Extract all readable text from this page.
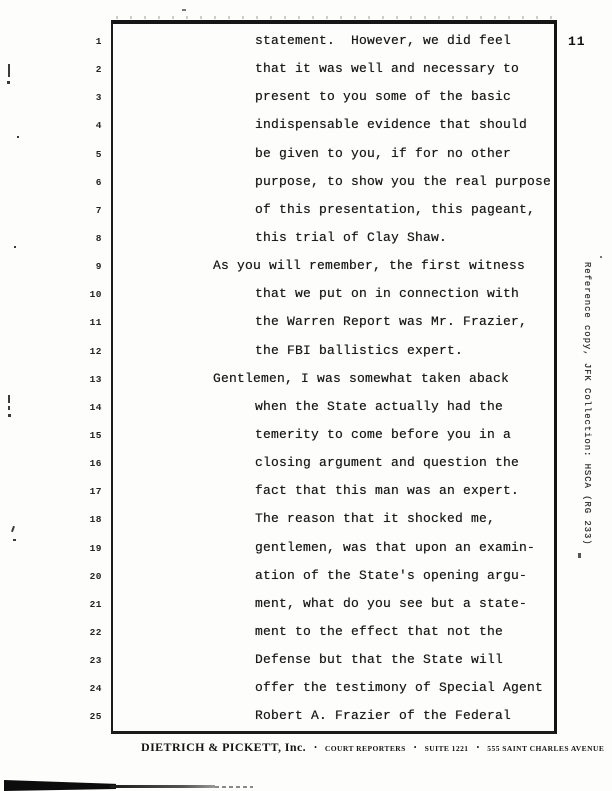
1	statement.  However, we did feel
2	that it was well and necessary to
3	present to you some of the basic
4	indispensable evidence that should
5	be given to you, if for no other
6	purpose, to show you the real purpose
7	of this presentation, this pageant,
8	this trial of Clay Shaw.
9	As you will remember, the first witness
10	that we put on in connection with
11	the Warren Report was Mr. Frazier,
12	the FBI ballistics expert.
13	Gentlemen, I was somewhat taken aback
14	when the State actually had the
15	temerity to come before you in a
16	closing argument and question the
17	fact that this man was an expert.
18	The reason that it shocked me,
19	gentlemen, was that upon an examin-
20	ation of the State's opening argu-
21	ment, what do you see but a state-
22	ment to the effect that not the
23	Defense but that the State will
24	offer the testimony of Special Agent
25	Robert A. Frazier of the Federal
11
Reference copy, JFK Collection: HSCA (RG 233)
DIETRICH & PICKETT, Inc. • COURT REPORTERS • SUITE 1221 • 555 SAINT CHARLES AVENUE
